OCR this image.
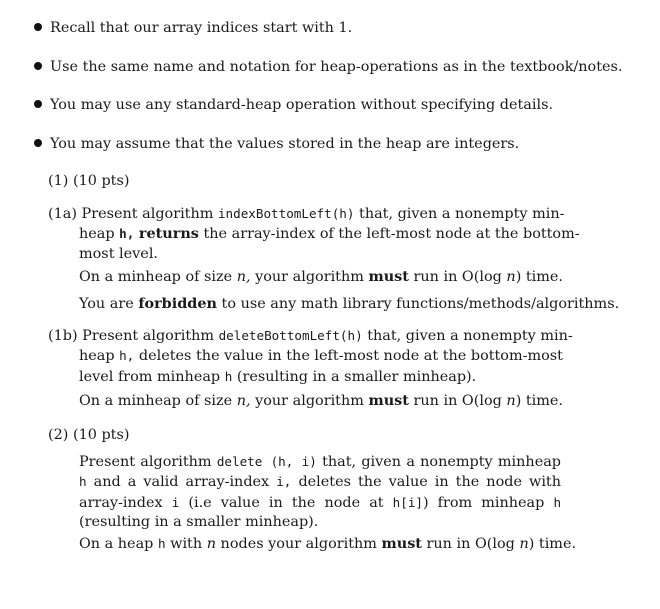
Recall that our array indices start with 1.
Use the same name and notation for heap-operations as in the textbook/notes.
You may use any standard-heap operation without specifying details.
You may assume that the values stored in the heap are integers.
(1) (10 pts)
(1a) Present algorithm indexBottomLeft(h) that, given a nonempty min-heap h, returns the array-index of the left-most node at the bottom-most level.
On a minheap of size n, your algorithm must run in O(log n) time.
You are forbidden to use any math library functions/methods/algorithms.
(1b) Present algorithm deleteBottomLeft(h) that, given a nonempty min-heap h, deletes the value in the left-most node at the bottom-most level from minheap h (resulting in a smaller minheap).
On a minheap of size n, your algorithm must run in O(log n) time.
(2) (10 pts)
Present algorithm delete (h, i) that, given a nonempty minheap h and a valid array-index i, deletes the value in the node with array-index i (i.e value in the node at h[i]) from minheap h (resulting in a smaller minheap).
On a heap h with n nodes your algorithm must run in O(log n) time.
